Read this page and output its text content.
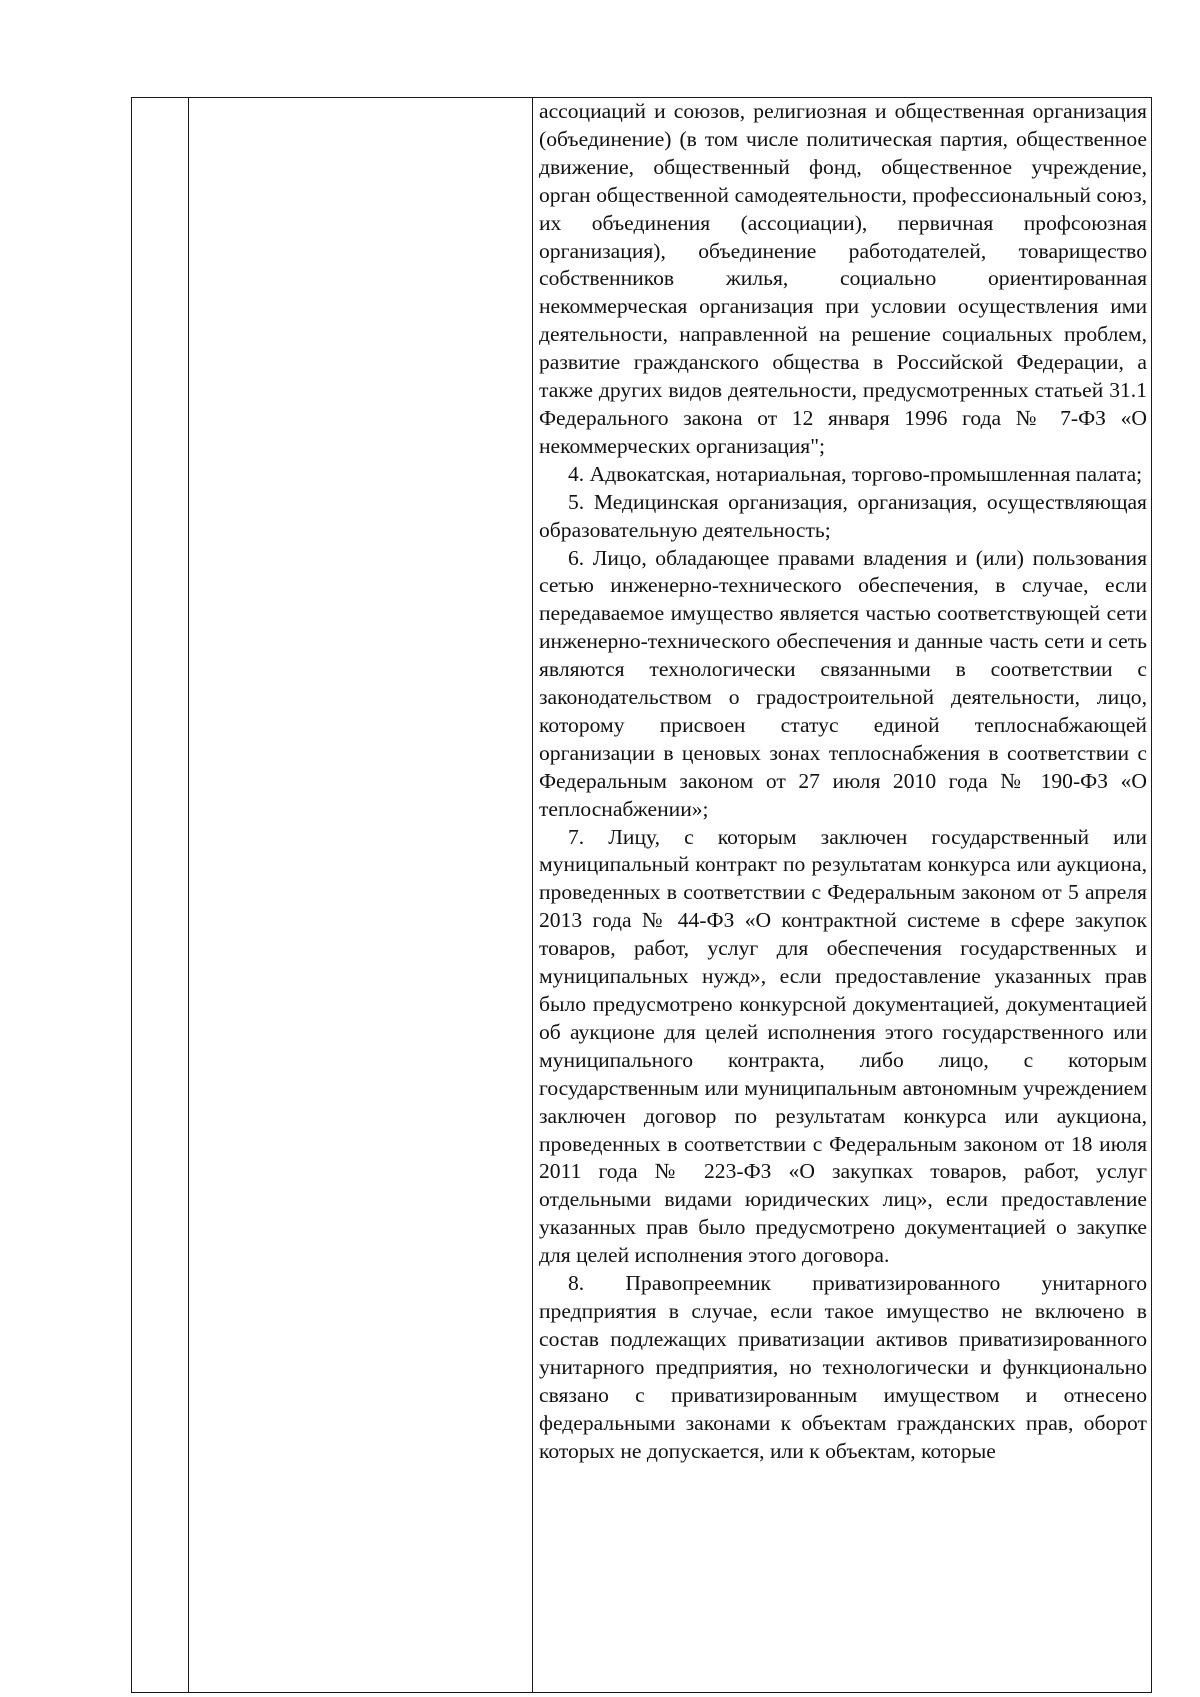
ассоциаций и союзов, религиозная и общественная организация (объединение) (в том числе политическая партия, общественное движение, общественный фонд, общественное учреждение, орган общественной самодеятельности, профессиональный союз, их объединения (ассоциации), первичная профсоюзная организация), объединение работодателей, товарищество собственников жилья, социально ориентированная некоммерческая организация при условии осуществления ими деятельности, направленной на решение социальных проблем, развитие гражданского общества в Российской Федерации, а также других видов деятельности, предусмотренных статьей 31.1 Федерального закона от 12 января 1996 года № 7-ФЗ «О некоммерческих организация";

4. Адвокатская, нотариальная, торгово-промышленная палата;

5. Медицинская организация, организация, осуществляющая образовательную деятельность;

6. Лицо, обладающее правами владения и (или) пользования сетью инженерно-технического обеспечения, в случае, если передаваемое имущество является частью соответствующей сети инженерно-технического обеспечения и данные часть сети и сеть являются технологически связанными в соответствии с законодательством о градостроительной деятельности, лицо, которому присвоен статус единой теплоснабжающей организации в ценовых зонах теплоснабжения в соответствии с Федеральным законом от 27 июля 2010 года № 190-ФЗ «О теплоснабжении»;

7. Лицу, с которым заключен государственный или муниципальный контракт по результатам конкурса или аукциона, проведенных в соответствии с Федеральным законом от 5 апреля 2013 года № 44-ФЗ «О контрактной системе в сфере закупок товаров, работ, услуг для обеспечения государственных и муниципальных нужд», если предоставление указанных прав было предусмотрено конкурсной документацией, документацией об аукционе для целей исполнения этого государственного или муниципального контракта, либо лицо, с которым государственным или муниципальным автономным учреждением заключен договор по результатам конкурса или аукциона, проведенных в соответствии с Федеральным законом от 18 июля 2011 года № 223-ФЗ «О закупках товаров, работ, услуг отдельными видами юридических лиц», если предоставление указанных прав было предусмотрено документацией о закупке для целей исполнения этого договора.

8. Правопреемник приватизированного унитарного предприятия в случае, если такое имущество не включено в состав подлежащих приватизации активов приватизированного унитарного предприятия, но технологически и функционально связано с приватизированным имуществом и отнесено федеральными законами к объектам гражданских прав, оборот которых не допускается, или к объектам, которые
